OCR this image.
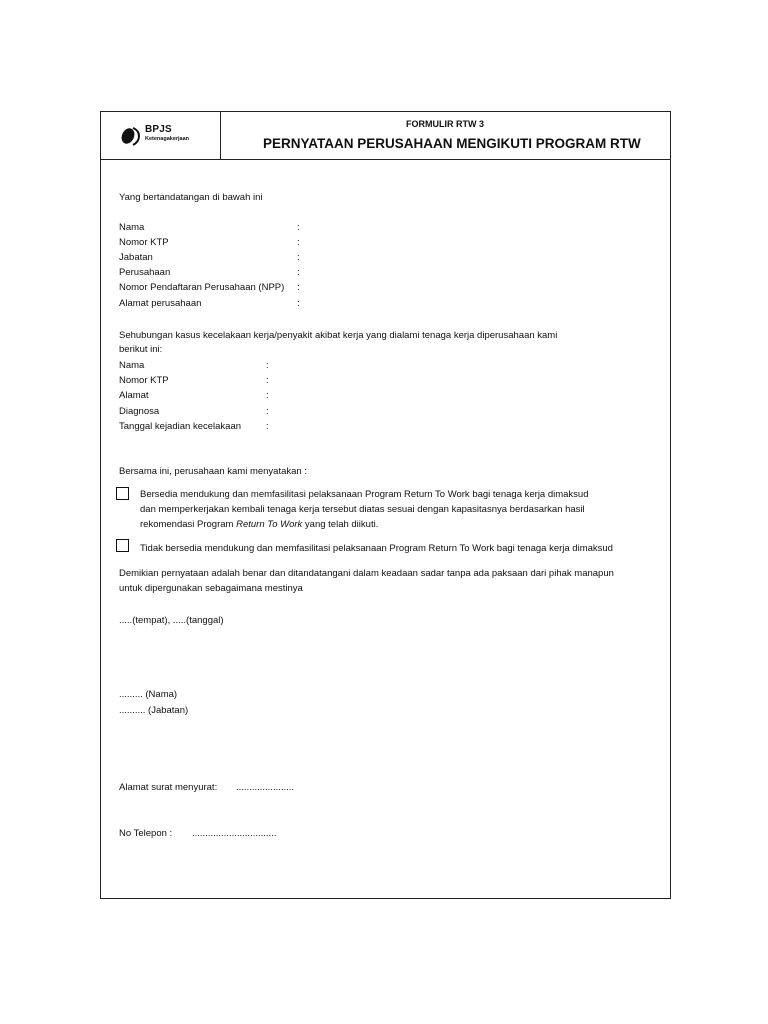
BPJS
Ketenagakerjaan
FORMULIR RTW 3
PERNYATAAN PERUSAHAAN MENGIKUTI PROGRAM RTW
Yang bertandatangan di bawah ini
Nama	:
Nomor KTP	:
Jabatan	:
Perusahaan	:
Nomor Pendaftaran Perusahaan (NPP) :
Alamat perusahaan	:
Sehubungan kasus kecelakaan kerja/penyakit akibat kerja yang dialami tenaga kerja diperusahaan kami
berikut ini:
Nama	:
Nomor KTP	:
Alamat	:
Diagnosa	:
Tanggal kejadian kecelakaan	:
Bersama ini, perusahaan kami menyatakan :
Bersedia mendukung dan memfasilitasi pelaksanaan Program Return To Work bagi tenaga kerja dimaksud
dan memperkerjakan kembali tenaga kerja tersebut diatas sesuai dengan kapasitasnya berdasarkan hasil
rekomendasi Program Return To Work yang telah diikuti.
Tidak bersedia mendukung dan memfasilitasi pelaksanaan Program Return To Work bagi tenaga kerja dimaksud
Demikian pernyataan adalah benar dan ditandatangani dalam keadaan sadar tanpa ada paksaan dari pihak manapun
untuk dipergunakan sebagaimana mestinya
.....(tempat), .....(tanggal)
......... (Nama)
.......... (Jabatan)
Alamat surat menyurat: ......................
No Telepon : ................................
